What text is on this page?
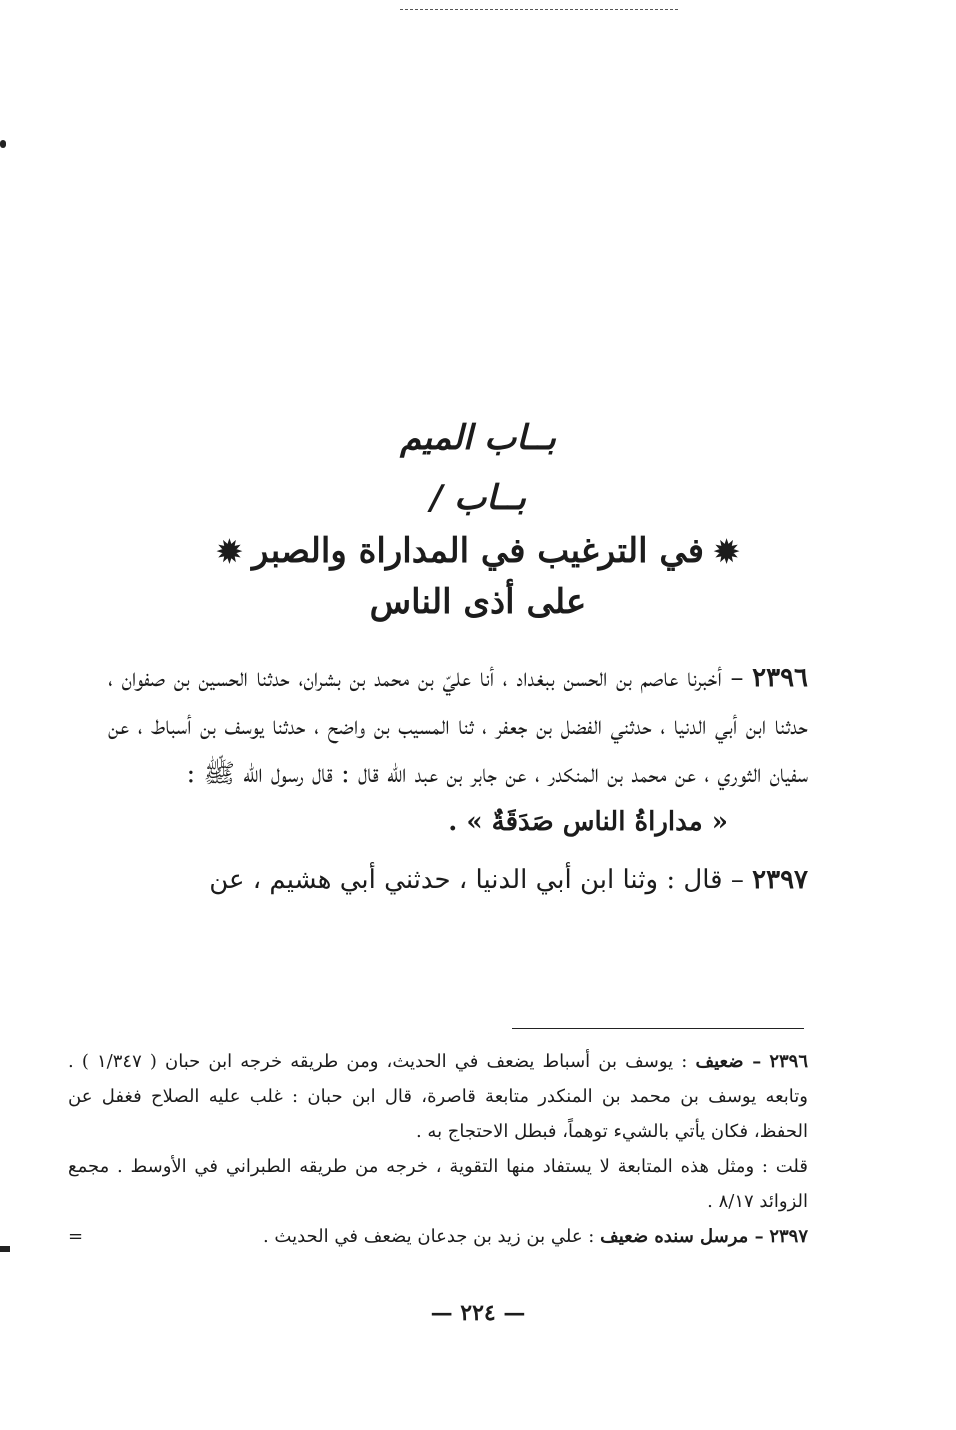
بــاب الميم
بــاب /
✹في الترغيب في المداراة والصبر✹
على أذى الناس
٢٣٩٦ – أخبرنا عاصم بن الحسن ببغداد ، أنا عليّ بن محمد بن بشران، حدثنا الحسين بن صفوان ، حدثنا ابن أبي الدنيا ، حدثني الفضل بن جعفر ، ثنا المسيب بن واضح ، حدثنا يوسف بن أسباط ، عن سفيان الثوري ، عن محمد بن المنكدر ، عن جابر بن عبد الله قال : قال رسول الله ﷺ :
« مداراةُ الناس صَدَقَةٌ » .
٢٣٩٧ – قال : وثنا ابن أبي الدنيا ، حدثني أبي هشيم ، عن
٢٣٩٦ – ضعيف : يوسف بن أسباط يضعف في الحديث، ومن طريقه خرجه ابن حبان ( ١/٣٤٧ ) . وتابعه يوسف بن محمد بن المنكدر متابعة قاصرة، قال ابن حبان : غلب عليه الصلاح فغفل عن الحفظ، فكان يأتي بالشيء توهماً، فبطل الاحتجاج به .
قلت : ومثل هذه المتابعة لا يستفاد منها التقوية ، خرجه من طريقه الطبراني في الأوسط . مجمع الزوائد ٨/١٧ .
٢٣٩٧ – مرسل سنده ضعيف : علي بن زيد بن جدعان يضعف في الحديث .
=
— ٢٢٤ —
